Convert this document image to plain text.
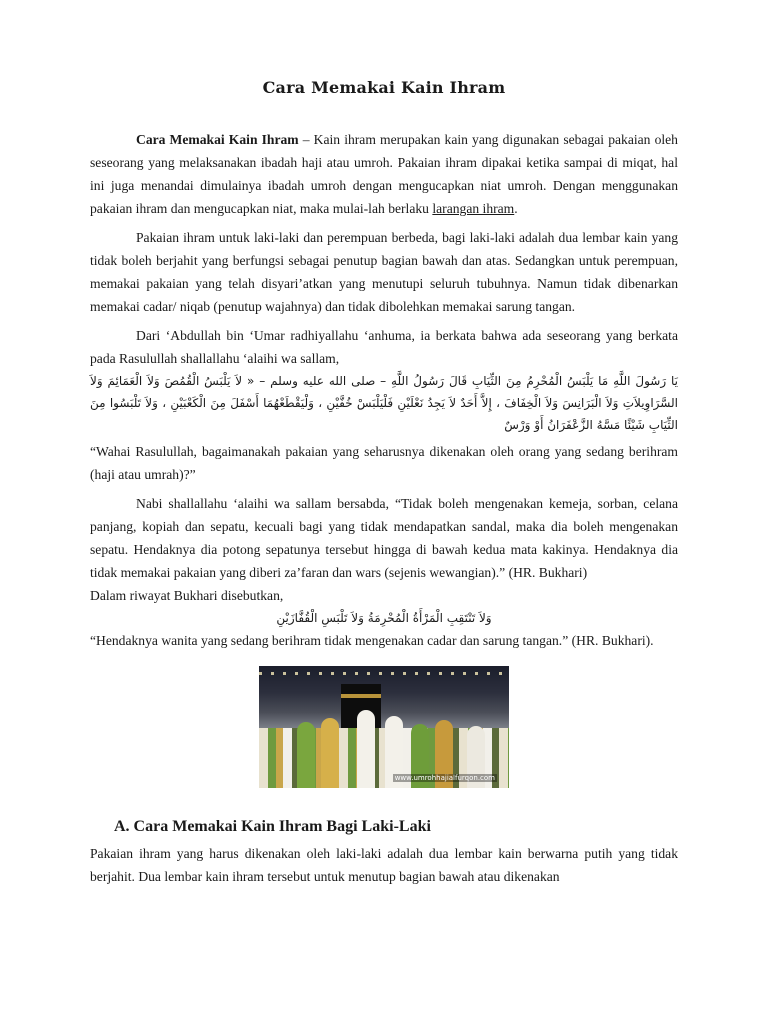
Cara Memakai Kain Ihram

Cara Memakai Kain Ihram – Kain ihram merupakan kain yang digunakan sebagai pakaian oleh seseorang yang melaksanakan ibadah haji atau umroh. Pakaian ihram dipakai ketika sampai di miqat, hal ini juga menandai dimulainya ibadah umroh dengan mengucapkan niat umroh. Dengan menggunakan pakaian ihram dan mengucapkan niat, maka mulai-lah berlaku larangan ihram.

Pakaian ihram untuk laki-laki dan perempuan berbeda, bagi laki-laki adalah dua lembar kain yang tidak boleh berjahit yang berfungsi sebagai penutup bagian bawah dan atas. Sedangkan untuk perempuan, memakai pakaian yang telah disyari’atkan yang menutupi seluruh tubuhnya. Namun tidak dibenarkan memakai cadar/ niqab (penutup wajahnya) dan tidak dibolehkan memakai sarung tangan.

Dari ‘Abdullah bin ‘Umar radhiyallahu ‘anhuma, ia berkata bahwa ada seseorang yang berkata pada Rasulullah shallallahu ‘alaihi wa sallam,

يَا رَسُولَ اللَّهِ مَا يَلْبَسُ الْمُحْرِمُ مِنَ الثِّيَابِ قَالَ رَسُولُ اللَّهِ – صلى الله عليه وسلم – « لاَ يَلْبَسُ الْقُمُصَ وَلاَ الْعَمَائِمَ وَلاَ السَّرَاوِيلاَتِ وَلاَ الْبَرَانِسَ وَلاَ الْخِفَافَ ، إِلاَّ أَحَدٌ لاَ يَجِدُ نَعْلَيْنِ فَلْيَلْبَسْ خُفَّيْنِ ، وَلْيَقْطَعْهُمَا أَسْفَلَ مِنَ الْكَعْبَيْنِ ، وَلاَ تَلْبَسُوا مِنَ الثِّيَابِ شَيْئًا مَسَّهُ الزَّعْفَرَانُ أَوْ وَرْسٌ

“Wahai Rasulullah, bagaimanakah pakaian yang seharusnya dikenakan oleh orang yang sedang berihram (haji atau umrah)?”

Nabi shallallahu ‘alaihi wa sallam bersabda, “Tidak boleh mengenakan kemeja, sorban, celana panjang, kopiah dan sepatu, kecuali bagi yang tidak mendapatkan sandal, maka dia boleh mengenakan sepatu. Hendaknya dia potong sepatunya tersebut hingga di bawah kedua mata kakinya. Hendaknya dia tidak memakai pakaian yang diberi za’faran dan wars (sejenis wewangian).” (HR. Bukhari)

Dalam riwayat Bukhari disebutkan,

وَلاَ تَنْتَقِبِ الْمَرْأَةُ الْمُحْرِمَةُ وَلاَ تَلْبَسِ الْقُفَّازَيْنِ

“Hendaknya wanita yang sedang berihram tidak mengenakan cadar dan sarung tangan.” (HR. Bukhari).

www.umrohhajialfurqon.com
A. Cara Memakai Kain Ihram Bagi Laki-Laki

Pakaian ihram yang harus dikenakan oleh laki-laki adalah dua lembar kain berwarna putih yang tidak berjahit. Dua lembar kain ihram tersebut untuk menutup bagian bawah atau dikenakan
